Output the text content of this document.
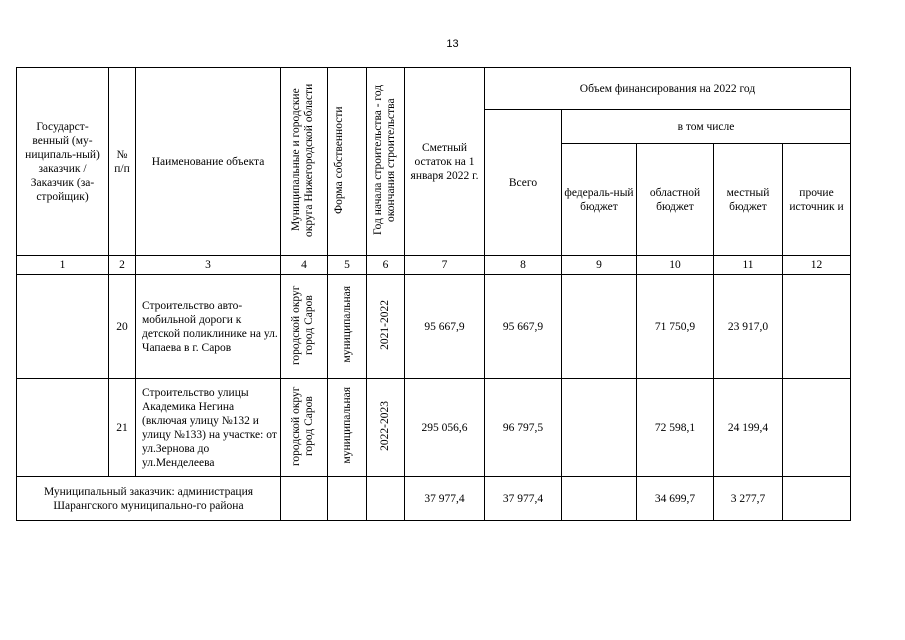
13
Государст-венный (му-ниципаль-ный) заказчик / Заказчик (за-стройщик)	№ п/п	Наименование объекта	Муниципальные и городские округа Нижегородской области	Форма собственности	Год начала строительства - год окончания строительства	Сметный остаток на 1 января 2022 г.	Объем финансирования на 2022 год				
							Всего	в том числе			
								федераль-ный бюджет	областной бюджет	местный бюджет	прочие источник и
1	2	3	4	5	6	7	8	9	10	11	12
	20	Строительство авто-мобильной дороги к детской поликлинике на ул. Чапаева в г. Саров	городской округ город Саров	муниципальная	2021-2022	95 667,9	95 667,9		71 750,9	23 917,0	
	21	Строительство улицы Академика Негина (включая улицу №132 и улицу №133) на участке: от ул.Зернова до ул.Менделеева	городской округ город Саров	муниципальная	2022-2023	295 056,6	96 797,5		72 598,1	24 199,4	
Муниципальный заказчик: администрация Шарангского муниципально-го района						37 977,4	37 977,4		34 699,7	3 277,7	
